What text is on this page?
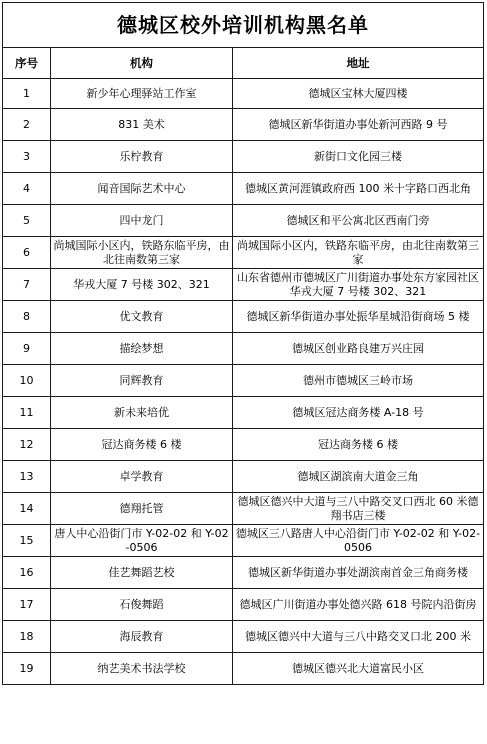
德城区校外培训机构黑名单		
序号	机构	地址
1	新少年心理驿站工作室	德城区宝林大厦四楼
2	831 美术	德城区新华街道办事处新河西路 9 号
3	乐柠教育	新街口文化园三楼
4	闻音国际艺术中心	德城区黄河涯镇政府西 100 米十字路口西北角
5	四中龙门	德城区和平公寓北区西南门旁
6	尚城国际小区内，铁路东临平房，由北往南数第三家	尚城国际小区内，铁路东临平房，由北往南数第三家
7	华戎大厦 7 号楼 302、321	山东省德州市德城区广川街道办事处东方家园社区华戎大厦 7 号楼 302、321
8	优文教育	德城区新华街道办事处振华星城沿街商场 5 楼
9	描绘梦想	德城区创业路良建万兴庄园
10	同辉教育	德州市德城区三岭市场
11	新未来培优	德城区冠达商务楼 A-18 号
12	冠达商务楼 6 楼	冠达商务楼 6 楼
13	卓学教育	德城区湖滨南大道金三角
14	德翔托管	德城区德兴中大道与三八中路交叉口西北 60 米德翔书店三楼
15	唐人中心沿街门市 Y-02-02 和 Y-02-0506	德城区三八路唐人中心沿街门市 Y-02-02 和 Y-02-0506
16	佳艺舞蹈艺校	德城区新华街道办事处湖滨南首金三角商务楼
17	石俊舞蹈	德城区广川街道办事处德兴路 618 号院内沿街房
18	海辰教育	德城区德兴中大道与三八中路交叉口北 200 米
19	纳艺美术书法学校	德城区德兴北大道富民小区
